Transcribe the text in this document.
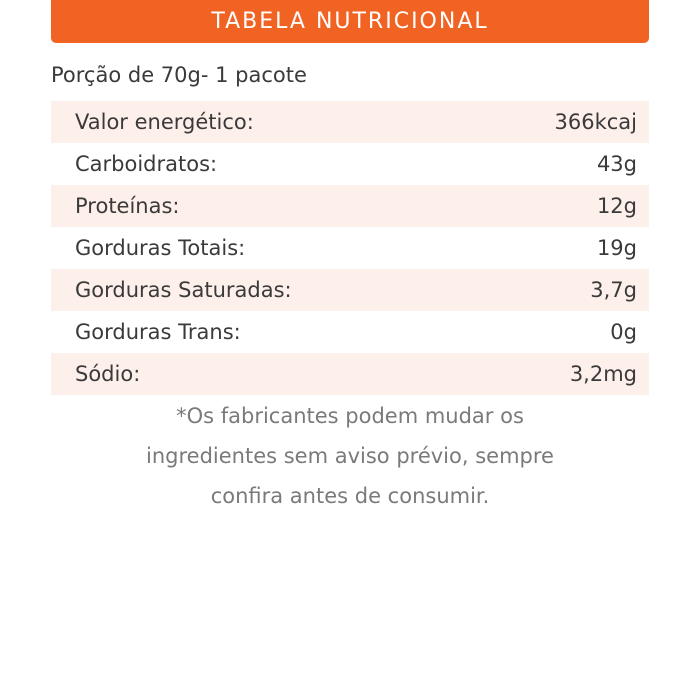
TABELA NUTRICIONAL
Porção de 70g- 1 pacote
Valor energético:	366kcaj
Carboidratos:	43g
Proteínas:	12g
Gorduras Totais:	19g
Gorduras Saturadas:	3,7g
Gorduras Trans:	0g
Sódio:	3,2mg
*Os fabricantes podem mudar os
ingredientes sem aviso prévio, sempre
confira antes de consumir.
